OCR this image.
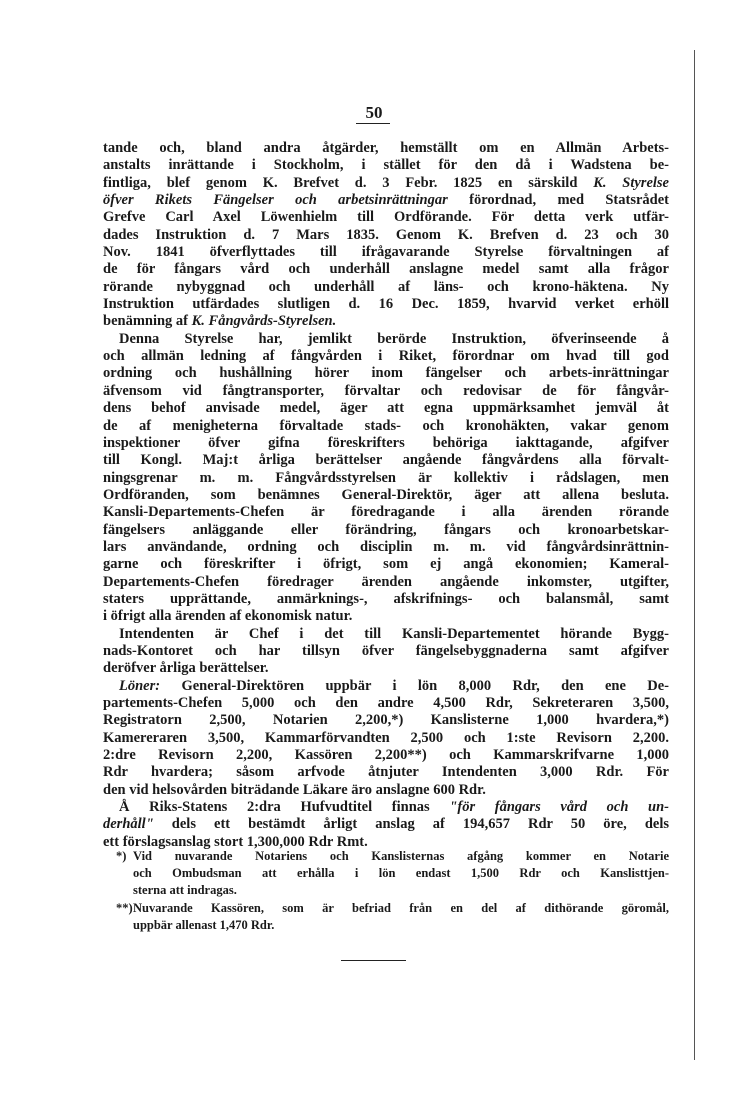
50
tande och, bland andra åtgärder, hemställt om en Allmän Arbets-
anstalts inrättande i Stockholm, i stället för den då i Wadstena be-
fintliga, blef genom K. Brefvet d. 3 Febr. 1825 en särskild K. Styrelse
öfver Rikets Fängelser och arbetsinrättningar förordnad, med Statsrådet
Grefve Carl Axel Löwenhielm till Ordförande. För detta verk utfär-
dades Instruktion d. 7 Mars 1835. Genom K. Brefven d. 23 och 30
Nov. 1841 öfverflyttades till ifrågavarande Styrelse förvaltningen af
de för fångars vård och underhåll anslagne medel samt alla frågor
rörande nybyggnad och underhåll af läns- och krono-häktena. Ny
Instruktion utfärdades slutligen d. 16 Dec. 1859, hvarvid verket erhöll
benämning af K. Fångvårds-Styrelsen.
Denna Styrelse har, jemlikt berörde Instruktion, öfverinseende å
och allmän ledning af fångvården i Riket, förordnar om hvad till god
ordning och hushållning hörer inom fängelser och arbets-inrättningar
äfvensom vid fångtransporter, förvaltar och redovisar de för fångvår-
dens behof anvisade medel, äger att egna uppmärksamhet jemväl åt
de af menigheterna förvaltade stads- och kronohäkten, vakar genom
inspektioner öfver gifna föreskrifters behöriga iakttagande, afgifver
till Kongl. Maj:t årliga berättelser angående fångvårdens alla förvalt-
ningsgrenar m. m. Fångvårdsstyrelsen är kollektiv i rådslagen, men
Ordföranden, som benämnes General-Direktör, äger att allena besluta.
Kansli-Departements-Chefen är föredragande i alla ärenden rörande
fängelsers anläggande eller förändring, fångars och kronoarbetskar-
lars användande, ordning och disciplin m. m. vid fångvårdsinrättnin-
garne och föreskrifter i öfrigt, som ej angå ekonomien; Kameral-
Departements-Chefen föredrager ärenden angående inkomster, utgifter,
staters upprättande, anmärknings-, afskrifnings- och balansmål, samt
i öfrigt alla ärenden af ekonomisk natur.
Intendenten är Chef i det till Kansli-Departementet hörande Bygg-
nads-Kontoret och har tillsyn öfver fängelsebyggnaderna samt afgifver
deröfver årliga berättelser.
Löner: General-Direktören uppbär i lön 8,000 Rdr, den ene De-
partements-Chefen 5,000 och den andre 4,500 Rdr, Sekreteraren 3,500,
Registratorn 2,500, Notarien 2,200,*) Kanslisterne 1,000 hvardera,*)
Kamereraren 3,500, Kammarförvandten 2,500 och 1:ste Revisorn 2,200.
2:dre Revisorn 2,200, Kassören 2,200**) och Kammarskrifvarne 1,000
Rdr hvardera; såsom arfvode åtnjuter Intendenten 3,000 Rdr. För
den vid helsovården biträdande Läkare äro anslagne 600 Rdr.
Å Riks-Statens 2:dra Hufvudtitel finnas "för fångars vård och un-
derhåll" dels ett bestämdt årligt anslag af 194,657 Rdr 50 öre, dels
ett förslagsanslag stort 1,300,000 Rdr Rmt.
*) Vid nuvarande Notariens och Kanslisternas afgång kommer en Notarie
och Ombudsman att erhålla i lön endast 1,500 Rdr och Kanslisttjen-
sterna att indragas.
**)Nuvarande Kassören, som är befriad från en del af dithörande göromål,
uppbär allenast 1,470 Rdr.
